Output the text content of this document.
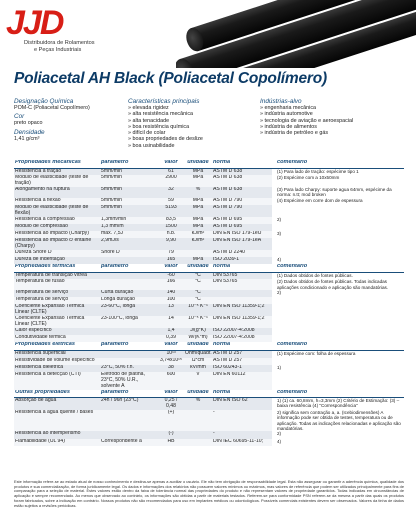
JJD
Distribuidora de Rolamentos
e Peças Industriais
Poliacetal AH Black (Poliacetal Copolímero)
Designação Química
POM-C (Poliacetal Copolímero)
Cor
preto opaco
Densidade
1,41 g/cm³
Características principais
» elevada rigidez
» alta resistência mecânica
» alta tenacidade
» boa resistência química
» difícil de colar
» boas propriedades de deslize
» boa usinabilidade
Indústrias-alvo
» engenharia mecânica
» indústria automotive
» tecnologia de aviação e aeroespacial
» indústria de alimentos
» indústria de petróleo e gás
Propriedades mecânicas	parâmetro	valor	unidade	norma		comentário
Resistência a tração	5mm/min	61	MPa	ASTM D 638		(1) Para lado de tração: espécime tipo 1
Módulo de elasticidade (teste de tração)	5mm/min	2900	MPa	ASTM D 638		(2) Espécime com a 10x50mm
Alongamento na ruptura	5mm/min	32	%	ASTM D 638		(3) Para lado Charpy: suporte agua 64mm, espécime da norma: n.tt; mod broken
Resistência a flexão	5mm/min	59	MPa	ASTM D 790		(4) Espécime em corre dom de espessura
Módulo de elasticidade (teste de flexão)	5mm/min	5193	MPa	ASTM D 790		
Resistência a compressão	1,3mm/min	83,5	MPa	ASTM D 695		2)
Módulo de compressão	1,3 mm/m	1500	MPa	ASTM D 695		
Resistência ao impacto (Charpy)	max. 7,5J	n.b.	kJ/m²	DIN EN ISO 179-1eU		3)
Resistência ao impacto c/ entalhe (Charpy)	2,9mJ/s	9,90	kJ/m²	DIN EN ISO 179-1eA		
Dureza Shore D	Shore D	79		ASTM D 2240		
Dureza de indentação		165	MPa	ISO 2039-1		4)
Propriedades térmicas	parâmetro	valor	unidade	norma		comentário
Temperatura de transição vítrea		-60	°C	DIN 53765		(1) Dados obtidos de fontes públicas.
Temperatura de fusão		166	°C	DIN 53765		(2) Dados obtidos de fontes públicas. Todas indicadas aplicações condicionado e aplicação são mandatórias.
Temperatura de serviço	Curta duração	140	°C			2)
Temperatura de serviço	Longa duração	100	°C			
Coeficiente Expansão Térmica Linear (CLTE)	23-60°C, longa	13	10⁻⁵ K⁻¹	DIN EN ISO 11359-1;2		
Coeficiente Expansão Térmica Linear (CLTE)	23-100°C, longa	14	10⁻⁵ K⁻¹	DIN EN ISO 11359-1;2		
Calor específico		1,4	J/(g*K)	ISO 22007-4:2008		
Condutividade térmica		0,39	W/(K*m)	ISO 22007-4:2008		
Propriedades elétricas	parâmetro	valor	unidade	norma		comentário
Resistência superficial		10¹³	Ohm/quadr.	ASTM D 257		(1) Espécime com: folha de espessura
Resistividade de volume específico		3,74x10¹⁵	Ω*cm	ASTM D 257		
Resistência dielétrica	23°C, 50% r.h.	38	kV/mm	ISO 60243-1		1)
Resistência à detecção (CTI)	Eletrodo de platina, 23°C, 50% U.R., solvente A	600	V	DIN EN 60112		
Outras propriedades	parâmetro	valor	unidade	norma		comentário
Absorção de água	24h / 96h (23°C)	0,25 / 0,48	%	DIN EN ISO 62		1) (1) ca. 60,8mm, h=3,3mm (2) Critério de Estimação: (3) – baixa resistência (4) "Correspondência"
Resistência à água quente / bases		(+)		-		2) significa sem contração a, a. (Icebiodimensões) A informação pode ser obtida de testes, temperatura ou de aplicação. Todas as indicações relacionadas e aplicação são mandatórias.
Resistência ao intemperismo		(-)		-		2)
Flamabilidade (UL 94)	Correspondente a	HB		DIN IEC 60695-11-10;		4)
Este informação refere-se ao estado atual de nosso conhecimento e destina-se apenas a auxiliar o usuário. Ele não tem obrigação de responsabilidade legal. Esta não assegurar ou garantir a aderência química, qualidade dos produtos e sua comercialização, de forma juridicamente legal. Os dados e informações dos relatórios não possuem valores mínimos ou máximos, mas valores de referência que podem ser utilizados principalmente para fins de comparação para a seleção de material. Estes valores estão dentro da faixa de tolerância normal das propriedades do produto e não representam valores de propriedade garantidos. Todas indicadas em circunstâncias de aplicação e sempre recomendado. Ao menos que observado ao contrário, os informações são obtidas a partir de materiais testados. Referem-se para conformidade PSN referem-se da mesma a partir das quais os produtos foram fabricados, sobre a indicação em contrário. Nossos produtos não são recomendados para uso em implantes médicos ou odontológicos. Possíveis comerciais existentes devem ser observados. Valores da tinha de dados estão sujeitos a revisões periódicas.
